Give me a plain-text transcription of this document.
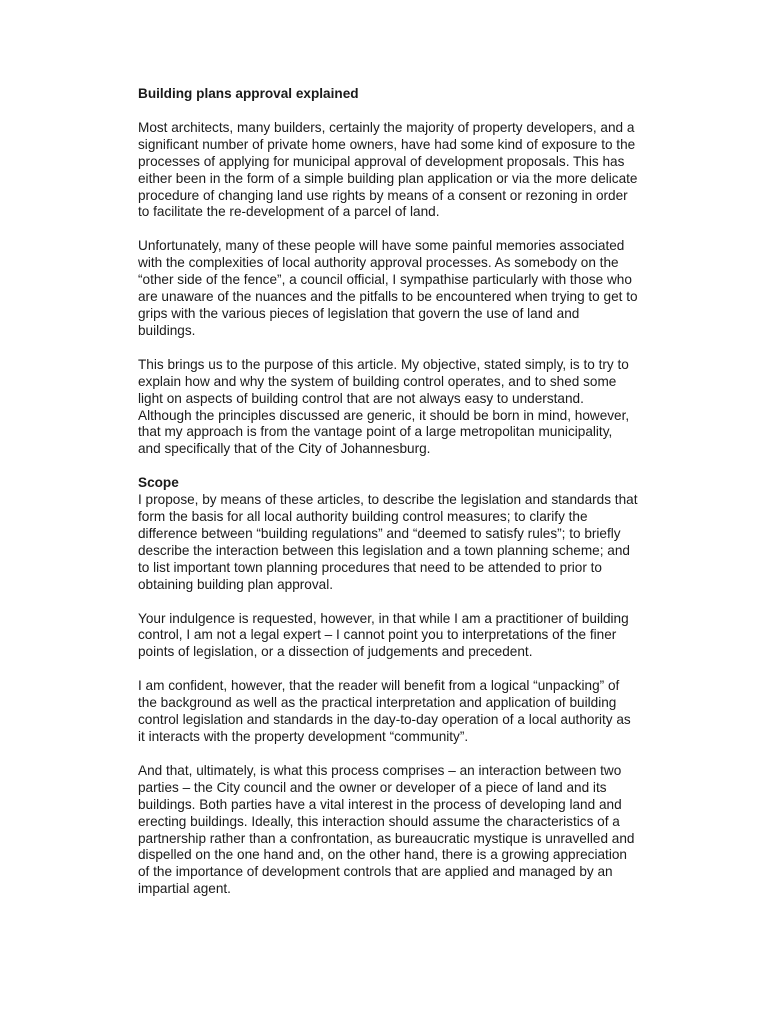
Building plans approval explained

Most architects, many builders, certainly the majority of property developers, and a significant number of private home owners, have had some kind of exposure to the processes of applying for municipal approval of development proposals. This has either been in the form of a simple building plan application or via the more delicate procedure of changing land use rights by means of a consent or rezoning in order to facilitate the re-development of a parcel of land.

Unfortunately, many of these people will have some painful memories associated with the complexities of local authority approval processes. As somebody on the “other side of the fence”, a council official, I sympathise particularly with those who are unaware of the nuances and the pitfalls to be encountered when trying to get to grips with the various pieces of legislation that govern the use of land and buildings.

This brings us to the purpose of this article. My objective, stated simply, is to try to explain how and why the system of building control operates, and to shed some light on aspects of building control that are not always easy to understand. Although the principles discussed are generic, it should be born in mind, however, that my approach is from the vantage point of a large metropolitan municipality, and specifically that of the City of Johannesburg.

Scope

I propose, by means of these articles, to describe the legislation and standards that form the basis for all local authority building control measures; to clarify the difference between “building regulations” and “deemed to satisfy rules”; to briefly describe the interaction between this legislation and a town planning scheme; and to list important town planning procedures that need to be attended to prior to obtaining building plan approval.

Your indulgence is requested, however, in that while I am a practitioner of building control, I am not a legal expert – I cannot point you to interpretations of the finer points of legislation, or a dissection of judgements and precedent.

I am confident, however, that the reader will benefit from a logical “unpacking” of the background as well as the practical interpretation and application of building control legislation and standards in the day-to-day operation of a local authority as it interacts with the property development “community”.

And that, ultimately, is what this process comprises – an interaction between two parties – the City council and the owner or developer of a piece of land and its buildings. Both parties have a vital interest in the process of developing land and erecting buildings. Ideally, this interaction should assume the characteristics of a partnership rather than a confrontation, as bureaucratic mystique is unravelled and dispelled on the one hand and, on the other hand, there is a growing appreciation of the importance of development controls that are applied and managed by an impartial agent.
